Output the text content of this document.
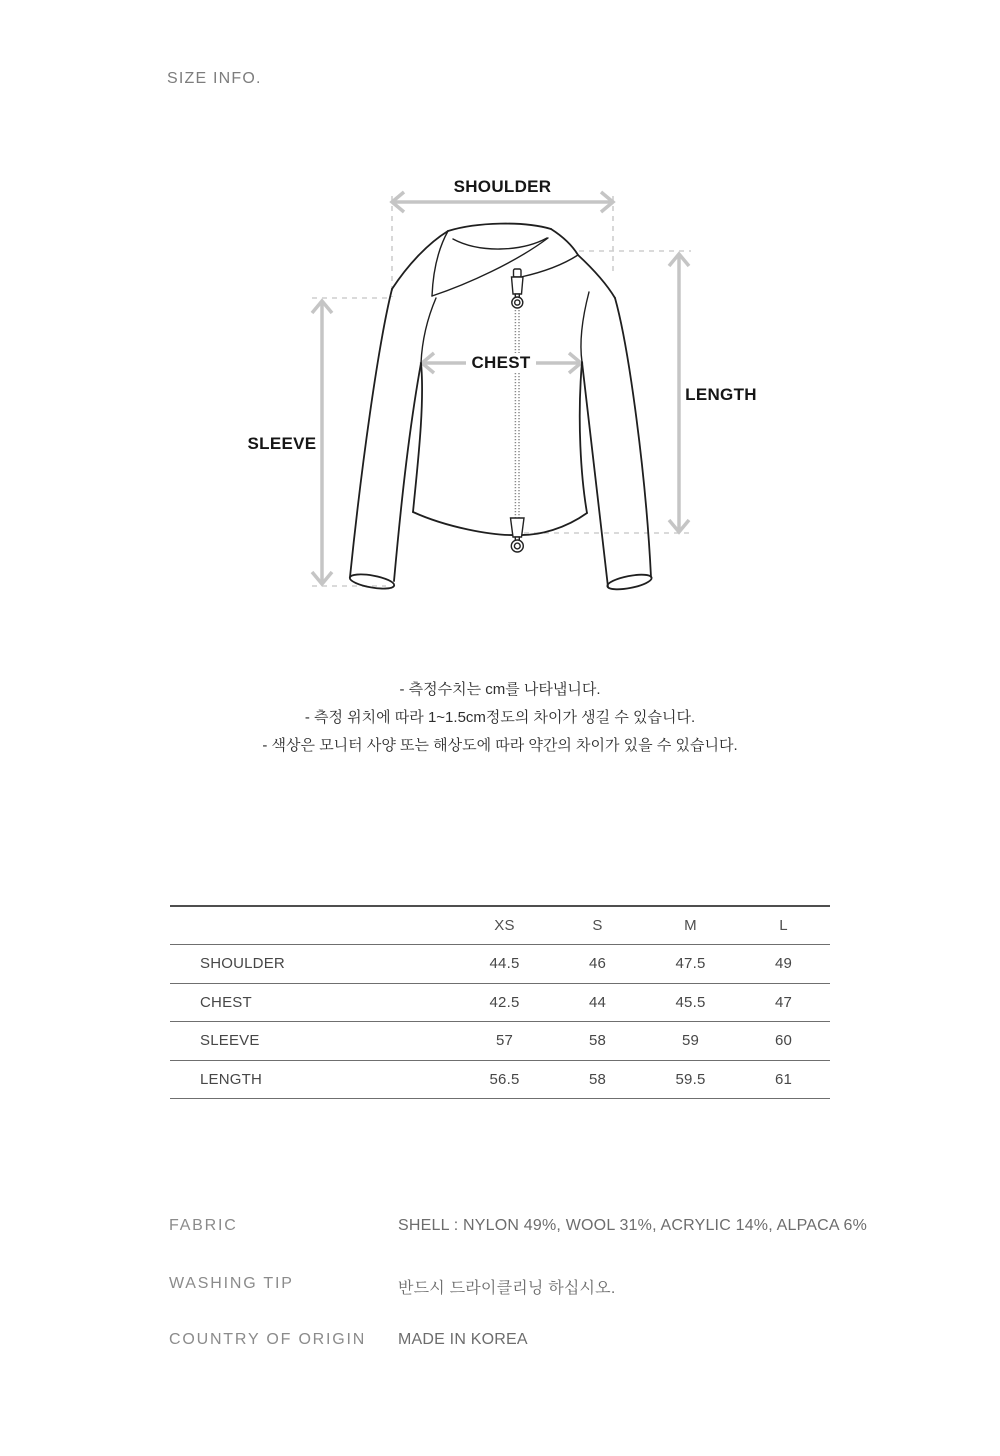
SIZE INFO.
SHOULDER
CHEST
LENGTH
SLEEVE
- 측정수치는 cm를 나타냅니다.
- 측정 위치에 따라 1~1.5cm정도의 차이가 생길 수 있습니다.
- 색상은 모니터 사양 또는 해상도에 따라 약간의 차이가 있을 수 있습니다.
XS	S	M	L
SHOULDER	44.5	46	47.5	49
CHEST	42.5	44	45.5	47
SLEEVE	57	58	59	60
LENGTH	56.5	58	59.5	61
FABRIC	SHELL : NYLON 49%, WOOL 31%, ACRYLIC 14%, ALPACA 6%
WASHING TIP	반드시 드라이클리닝 하십시오.
COUNTRY OF ORIGIN MADE IN KOREA
